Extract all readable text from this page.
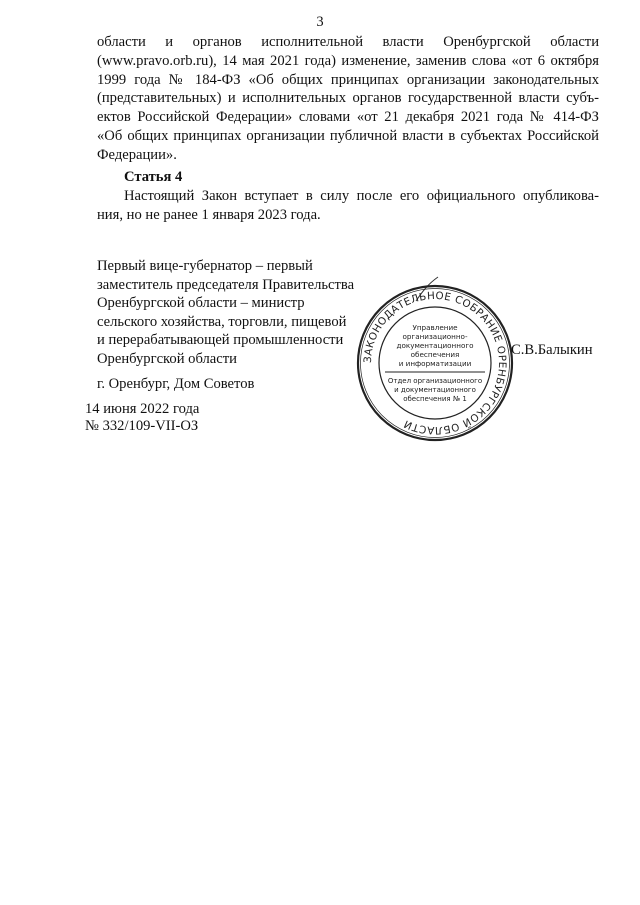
3

области и органов исполнительной власти Оренбургской области

(www.pravo.orb.ru), 14 мая 2021 года) изменение, заменив слова «от 6 октября

1999 года № 184-ФЗ «Об общих принципах организации законодательных

(представительных) и исполнительных органов государственной власти субъ-

ектов Российской Федерации» словами «от 21 декабря 2021 года № 414-ФЗ

«Об общих принципах организации публичной власти в субъектах Российской

Федерации».

Статья 4

Настоящий Закон вступает в силу после его официального опубликова-

ния, но не ранее 1 января 2023 года.

Первый вице-губернатор – первый
заместитель председателя Правительства
Оренбургской области – министр
сельского хозяйства, торговли, пищевой
и перерабатывающей промышленности
Оренбургской области	ЗАКОНОДАТЕЛЬНОЕ СОБРАНИЕ ОРЕНБУРГСКОЙ ОБЛАСТИ
Управление
организационно-
документационного
обеспечения
и информатизации
Отдел организационного
и документационного
обеспечения № 1
С.В.Балыкин
г. Оренбург, Дом Советов
14 июня 2022 года
№ 332/109-VII-ОЗ
